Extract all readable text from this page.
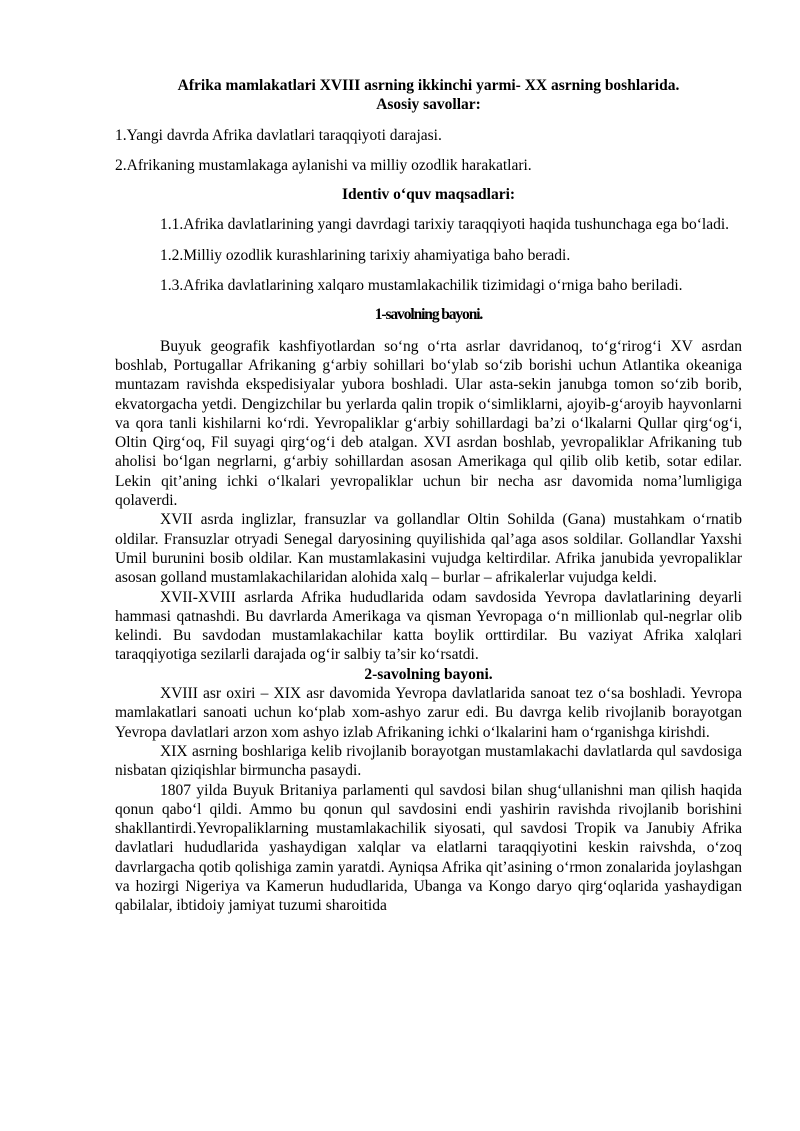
Afrika mamlakatlari XVIII asrning ikkinchi yarmi- XX asrning boshlarida.
Asosiy savollar:

1.Yangi davrda Afrika davlatlari taraqqiyoti darajasi.

2.Afrikaning mustamlakaga aylanishi va milliy ozodlik harakatlari.

Identiv o‘quv maqsadlari:

1.1.Afrika davlatlarining yangi davrdagi tarixiy taraqqiyoti haqida tushunchaga ega bo‘ladi.

1.2.Milliy ozodlik kurashlarining tarixiy ahamiyatiga baho beradi.

1.3.Afrika davlatlarining xalqaro mustamlakachilik tizimidagi o‘rniga baho beriladi.

1-savolning bayoni.

Buyuk geografik kashfiyotlardan so‘ng o‘rta asrlar davridanoq, to‘g‘rirog‘i XV asrdan boshlab, Portugallar Afrikaning g‘arbiy sohillari bo‘ylab so‘zib borishi uchun Atlantika okeaniga muntazam ravishda ekspedisiyalar yubora boshladi. Ular asta-sekin janubga tomon so‘zib borib, ekvatorgacha yetdi. Dengizchilar bu yerlarda qalin tropik o‘simliklarni, ajoyib-g‘aroyib hayvonlarni va qora tanli kishilarni ko‘rdi. Yevropaliklar g‘arbiy sohillardagi ba’zi o‘lkalarni Qullar qirg‘og‘i, Oltin Qirg‘oq, Fil suyagi qirg‘og‘i deb atalgan. XVI asrdan boshlab, yevropaliklar Afrikaning tub aholisi bo‘lgan negrlarni, g‘arbiy sohillardan asosan Amerikaga qul qilib olib ketib, sotar edilar. Lekin qit’aning ichki o‘lkalari yevropaliklar uchun bir necha asr davomida noma’lumligiga qolaverdi.

XVII asrda inglizlar, fransuzlar va gollandlar Oltin Sohilda (Gana) mustahkam o‘rnatib oldilar. Fransuzlar otryadi Senegal daryosining quyilishida qal’aga asos soldilar. Gollandlar Yaxshi Umil burunini bosib oldilar. Kan mustamlakasini vujudga keltirdilar. Afrika janubida yevropaliklar asosan golland mustamlakachilaridan alohida xalq – burlar – afrikalerlar vujudga keldi.

XVII-XVIII asrlarda Afrika hududlarida odam savdosida Yevropa davlatlarining deyarli hammasi qatnashdi. Bu davrlarda Amerikaga va qisman Yevropaga o‘n millionlab qul-negrlar olib kelindi. Bu savdodan mustamlakachilar katta boylik orttirdilar. Bu vaziyat Afrika xalqlari taraqqiyotiga sezilarli darajada og‘ir salbiy ta’sir ko‘rsatdi.

2-savolning bayoni.

XVIII asr oxiri – XIX asr davomida Yevropa davlatlarida sanoat tez o‘sa boshladi. Yevropa mamlakatlari sanoati uchun ko‘plab xom-ashyo zarur edi. Bu davrga kelib rivojlanib borayotgan Yevropa davlatlari arzon xom ashyo izlab Afrikaning ichki o‘lkalarini ham o‘rganishga kirishdi.

XIX asrning boshlariga kelib rivojlanib borayotgan mustamlakachi davlatlarda qul savdosiga nisbatan qiziqishlar birmuncha pasaydi.

1807 yilda Buyuk Britaniya parlamenti qul savdosi bilan shug‘ullanishni man qilish haqida qonun qabo‘l qildi. Ammo bu qonun qul savdosini endi yashirin ravishda rivojlanib borishini shakllantirdi.Yevropaliklarning mustamlakachilik siyosati, qul savdosi Tropik va Janubiy Afrika davlatlari hududlarida yashaydigan xalqlar va elatlarni taraqqiyotini keskin raivshda, o‘zoq davrlargacha qotib qolishiga zamin yaratdi. Ayniqsa Afrika qit’asining o‘rmon zonalarida joylashgan va hozirgi Nigeriya va Kamerun hududlarida, Ubanga va Kongo daryo qirg‘oqlarida yashaydigan qabilalar, ibtidoiy jamiyat tuzumi sharoitida
